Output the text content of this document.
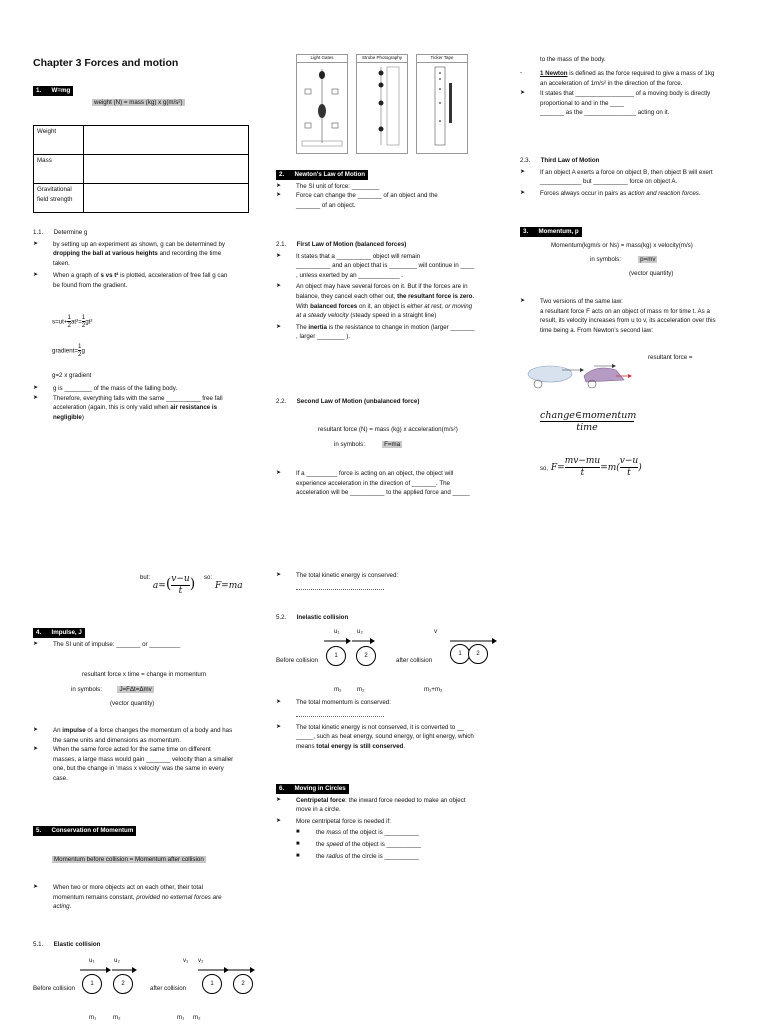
Chapter 3 Forces and motion
1. W=mg
weight (N) = mass (kg) x g(m/s²)
Weight	
Mass	
Gravitational
field strength	
1.1. Determine g
➤ by setting up an experiment as shown, g can be determined by
dropping the ball at various heights and recording the time
taken.
➤ When a graph of s vs t² is plotted, acceleration of free fall g can
be found from the gradient.
$s=ut+ \frac{1}{2} at^2= \frac{1}{2} gt^2$
gradient= $\frac{1}{2}$ g
g=2 x gradient
➤ g is ________ of the mass of the falling body.
➤ Therefore, everything falls with the same __________ free fall
acceleration (again, this is only valid when air resistance is
negligible)
$^{but:}$ $a=( \frac{v-u}{t}$ ) $^{so:}$ F=ma
4. Impulse, J
➤ The SI unit of impulse: _______ or _________
resultant force x time = change in momentum
in symbols:	J=FΔt=Δmv
(vector quantity)
➤ An impulse of a force changes the momentum of a body and has
the same units and dimensions as momentum.
➤ When the same force acted for the same time on different
masses, a large mass would gain _______ velocity than a smaller
one, but the change in ‘mass x velocity’ was the same in every
case.
5. Conservation of Momentum
Momentum before collision = Momentum after collision
➤ When two or more objects act on each other, their total
momentum remains constant, provided no external forces are
acting.
5.1. Elastic collision
u₁	u₂	v₁ v₂
Before collision
1	2
after collision
1	2
m₁	m₂	m₁ m₂
Light Gates	Strobe Photography	Ticker Tape
2. Newton's Law of Motion
➤ The SI unit of force: ________
➤ Force can change the _______ of an object and the
_______ of an object.
2.1. First Law of Motion (balanced forces)
➤ It states that a __________ object will remain
__________ and an object that is ________ will continue in ____
, unless exerted by an ____________ .
➤ An object may have several forces on it. But if the forces are in
balance, they cancel each other out, the resultant force is zero.
With balanced forces on it, an object is either at rest, or moving
at a steady velocity (steady speed in a straight line)
➤ The inertia is the resistance to change in motion (larger _______
, larger ________ ).
2.2. Second Law of Motion (unbalanced force)
resultant force (N) = mass (kg) x acceleration(m/s²)
in symbols:	F=ma
➤ If a _________ force is acting on an object, the object will
experience acceleration in the direction of _______. The
acceleration will be __________ to the applied force and _____
➤ The total kinetic energy is conserved:
5.2. Inelastic collision
u₁	u₂	v
Before collision
1	2
after collision
1	2
m₁	m₂	m₁+m₂
➤ The total momentum is conserved:
➤ The total kinetic energy is not conserved, it is converted to __
_____, such as heat energy, sound energy, or light energy, which
means total energy is still conserved.
6. Moving in Circles
➤ Centripetal force: the inward force needed to make an object
move in a circle.
➤ More centripetal force is needed if:
■	the mass of the object is __________
■	the speed of the object is __________
■	the radius of the circle is __________
to the mass of the body.
-	1 Newton is defined as the force required to give a mass of 1kg
an acceleration of 1m/s² in the direction of the force.
➤ It states that _________________ of a moving body is directly
proportional to and in the ____
_______ as the _______________ acting on it.
2.3. Third Law of Motion
➤ If an object A exerts a force on object B, then object B will exert
____________ but __________ force on object A.
➤ Forces always occur in pairs as action and reaction forces.
3. Momentum, p
Momentum(kgm/s or Ns) = mass(kg) x velocity(m/s)
in symbols:	p=mv
(vector quantity)
➤ Two versions of the same law:
a resultant force F acts on an object of mass m for time t. As a
result, its velocity increases from u to v, its acceleration over this
time being a. From Newton’s second law:
resultant force =
$\frac{\text{change∈momentum}}{\text{time}}$
so, $F= \frac{mv-mu}{t} =m( \frac{v-u}{t}$ )
